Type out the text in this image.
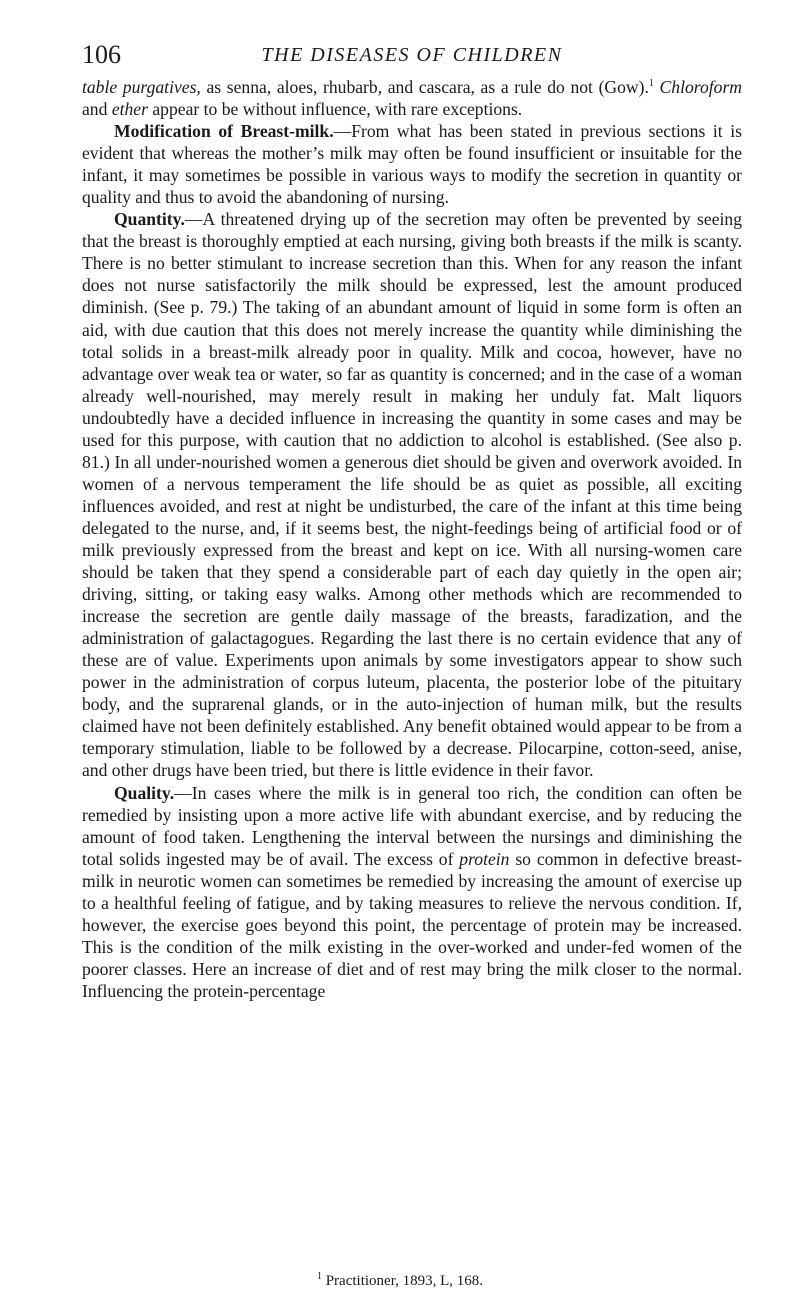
106	THE DISEASES OF CHILDREN

table purgatives, as senna, aloes, rhubarb, and cascara, as a rule do not (Gow).$^1$ Chloroform and ether appear to be without influence, with rare exceptions.

Modification of Breast-milk.—From what has been stated in previous sections it is evident that whereas the mother’s milk may often be found insufficient or insuitable for the infant, it may sometimes be possible in various ways to modify the secretion in quantity or quality and thus to avoid the abandoning of nursing.

Quantity.—A threatened drying up of the secretion may often be prevented by seeing that the breast is thoroughly emptied at each nursing, giving both breasts if the milk is scanty. There is no better stimulant to increase secretion than this. When for any reason the infant does not nurse satisfactorily the milk should be expressed, lest the amount produced diminish. (See p. 79.) The taking of an abundant amount of liquid in some form is often an aid, with due caution that this does not merely increase the quantity while diminishing the total solids in a breast-milk already poor in quality. Milk and cocoa, however, have no advantage over weak tea or water, so far as quantity is concerned; and in the case of a woman already well-nourished, may merely result in making her unduly fat. Malt liquors undoubtedly have a decided influence in increasing the quantity in some cases and may be used for this purpose, with caution that no addiction to alcohol is established. (See also p. 81.) In all under-nourished women a generous diet should be given and overwork avoided. In women of a nervous temperament the life should be as quiet as possible, all exciting influences avoided, and rest at night be undisturbed, the care of the infant at this time being delegated to the nurse, and, if it seems best, the night-feedings being of artificial food or of milk previously expressed from the breast and kept on ice. With all nursing-women care should be taken that they spend a considerable part of each day quietly in the open air; driving, sitting, or taking easy walks. Among other methods which are recommended to increase the secretion are gentle daily massage of the breasts, faradization, and the administration of galactagogues. Regarding the last there is no certain evidence that any of these are of value. Experiments upon animals by some investigators appear to show such power in the administration of corpus luteum, placenta, the posterior lobe of the pituitary body, and the suprarenal glands, or in the auto-injection of human milk, but the results claimed have not been definitely established. Any benefit obtained would appear to be from a temporary stimulation, liable to be followed by a decrease. Pilocarpine, cotton-seed, anise, and other drugs have been tried, but there is little evidence in their favor.

Quality.—In cases where the milk is in general too rich, the condition can often be remedied by insisting upon a more active life with abundant exercise, and by reducing the amount of food taken. Lengthening the interval between the nursings and diminishing the total solids ingested may be of avail. The excess of protein so common in defective breast-milk in neurotic women can sometimes be remedied by increasing the amount of exercise up to a healthful feeling of fatigue, and by taking measures to relieve the nervous condition. If, however, the exercise goes beyond this point, the percentage of protein may be increased. This is the condition of the milk existing in the over-worked and under-fed women of the poorer classes. Here an increase of diet and of rest may bring the milk closer to the normal. Influencing the protein-percentage

$^1$ Practitioner, 1893, L, 168.
